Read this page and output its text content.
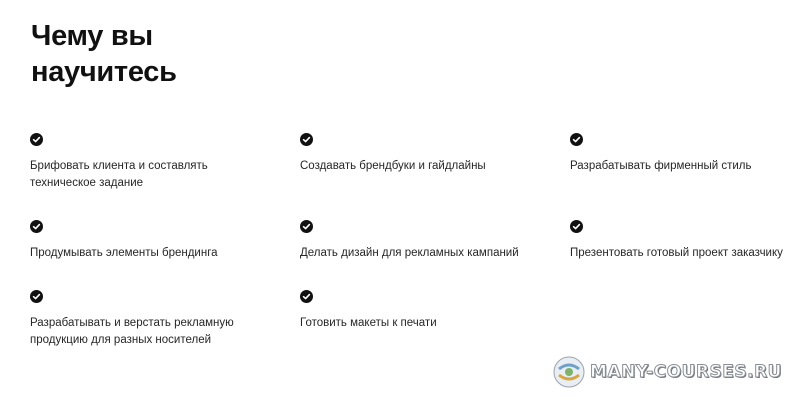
Чему вы
научитесь
Брифовать клиента и составлять техническое задание
Создавать брендбуки и гайдлайны	Разрабатывать фирменный стиль
Продумывать элементы брендинга	Делать дизайн для рекламных кампаний	Презентовать готовый проект заказчику
Разрабатывать и верстать рекламную продукцию для разных носителей
Готовить макеты к печати
MANY-COURSES.RU
